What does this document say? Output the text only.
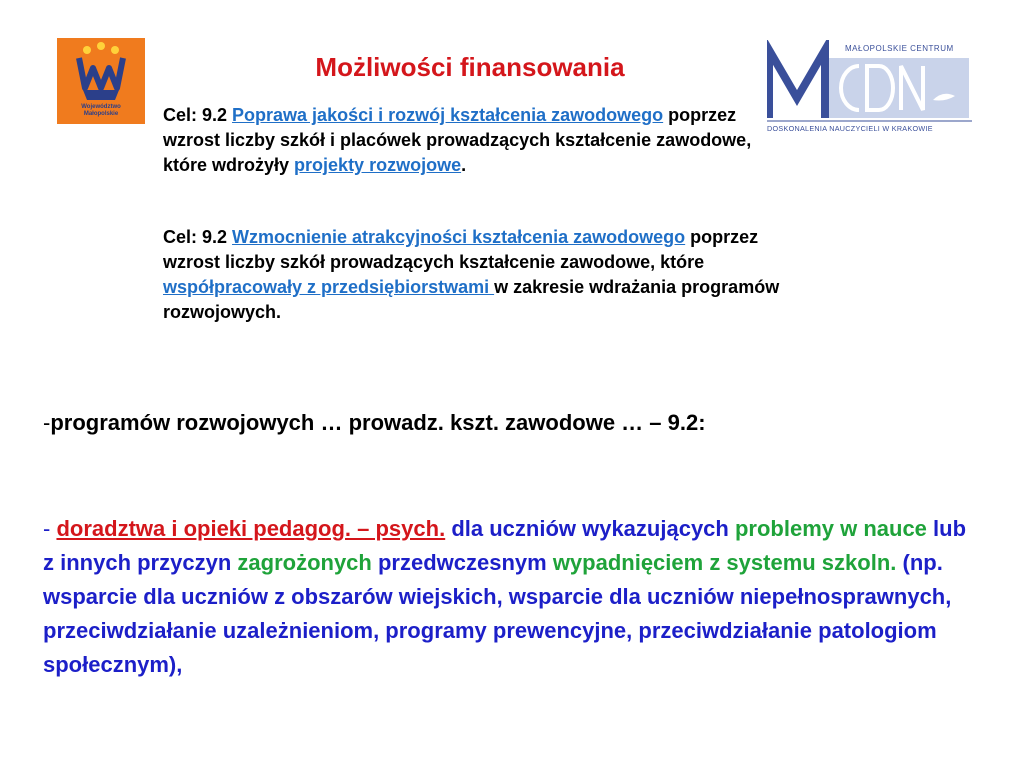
Województwo
Małopolskie
MAŁOPOLSKIE CENTRUM
DOSKONALENIA NAUCZYCIELI W KRAKOWIE
Możliwości finansowania
Cel: 9.2 Poprawa jakości i rozwój kształcenia zawodowego poprzez wzrost liczby szkół i placówek prowadzących kształcenie zawodowe, które wdrożyły projekty rozwojowe.
Cel: 9.2 Wzmocnienie atrakcyjności kształcenia zawodowego poprzez wzrost liczby szkół prowadzących kształcenie zawodowe, które współpracowały z przedsiębiorstwami w zakresie wdrażania programów rozwojowych.
-programów rozwojowych … prowadz. kszt. zawodowe … – 9.2:
- doradztwa i opieki pedagog. – psych. dla uczniów wykazujących problemy w nauce lub z innych przyczyn zagrożonych przedwczesnym wypadnięciem z systemu szkoln. (np. wsparcie dla uczniów z obszarów wiejskich, wsparcie dla uczniów niepełnosprawnych, przeciwdziałanie uzależnieniom, programy prewencyjne, przeciwdziałanie patologiom społecznym),
